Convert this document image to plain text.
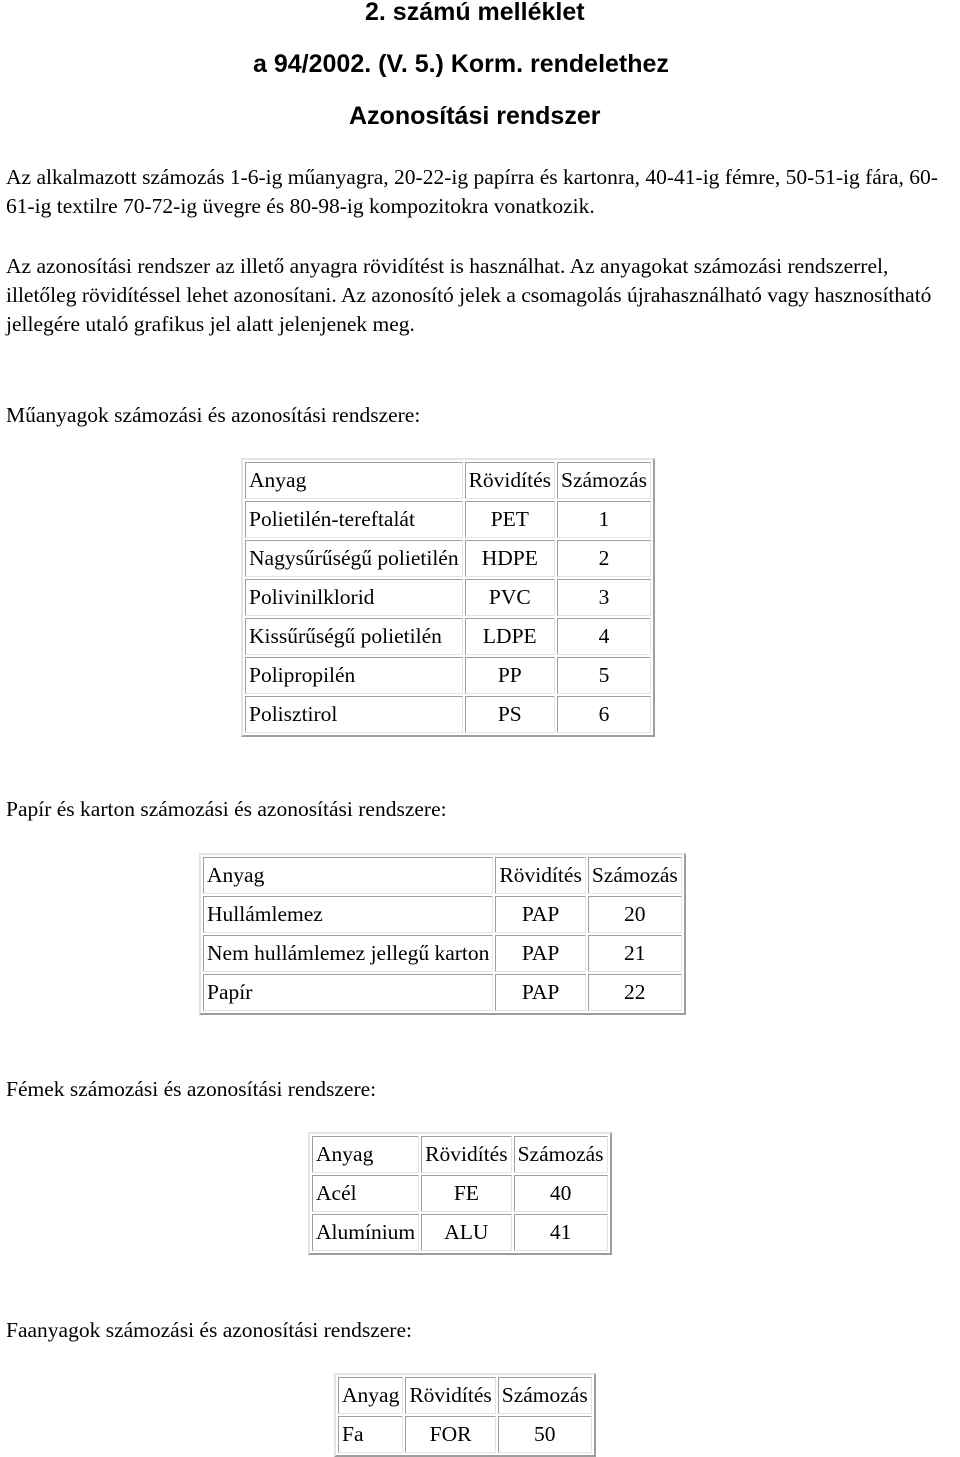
2. számú melléklet
a 94/2002. (V. 5.) Korm. rendelethez
Azonosítási rendszer

Az alkalmazott számozás 1-6-ig műanyagra, 20-22-ig papírra és kartonra, 40-41-ig fémre, 50-51-ig fára, 60-61-ig textilre 70-72-ig üvegre és 80-98-ig kompozitokra vonatkozik.

Az azonosítási rendszer az illető anyagra rövidítést is használhat. Az anyagokat számozási rendszerrel, illetőleg rövidítéssel lehet azonosítani. Az azonosító jelek a csomagolás újrahasználható vagy hasznosítható jellegére utaló grafikus jel alatt jelenjenek meg.

Műanyagok számozási és azonosítási rendszere:
Anyag	Rövidítés	Számozás
Polietilén-tereftalát	PET	1
Nagysűrűségű polietilén	HDPE	2
Polivinilklorid	PVC	3
Kissűrűségű polietilén	LDPE	4
Polipropilén	PP	5
Polisztirol	PS	6
Papír és karton számozási és azonosítási rendszere:
Anyag	Rövidítés	Számozás
Hullámlemez	PAP	20
Nem hullámlemez jellegű karton	PAP	21
Papír	PAP	22
Fémek számozási és azonosítási rendszere:
Anyag	Rövidítés	Számozás
Acél	FE	40
Alumínium	ALU	41
Faanyagok számozási és azonosítási rendszere:
Anyag	Rövidítés	Számozás
Fa	FOR	50
